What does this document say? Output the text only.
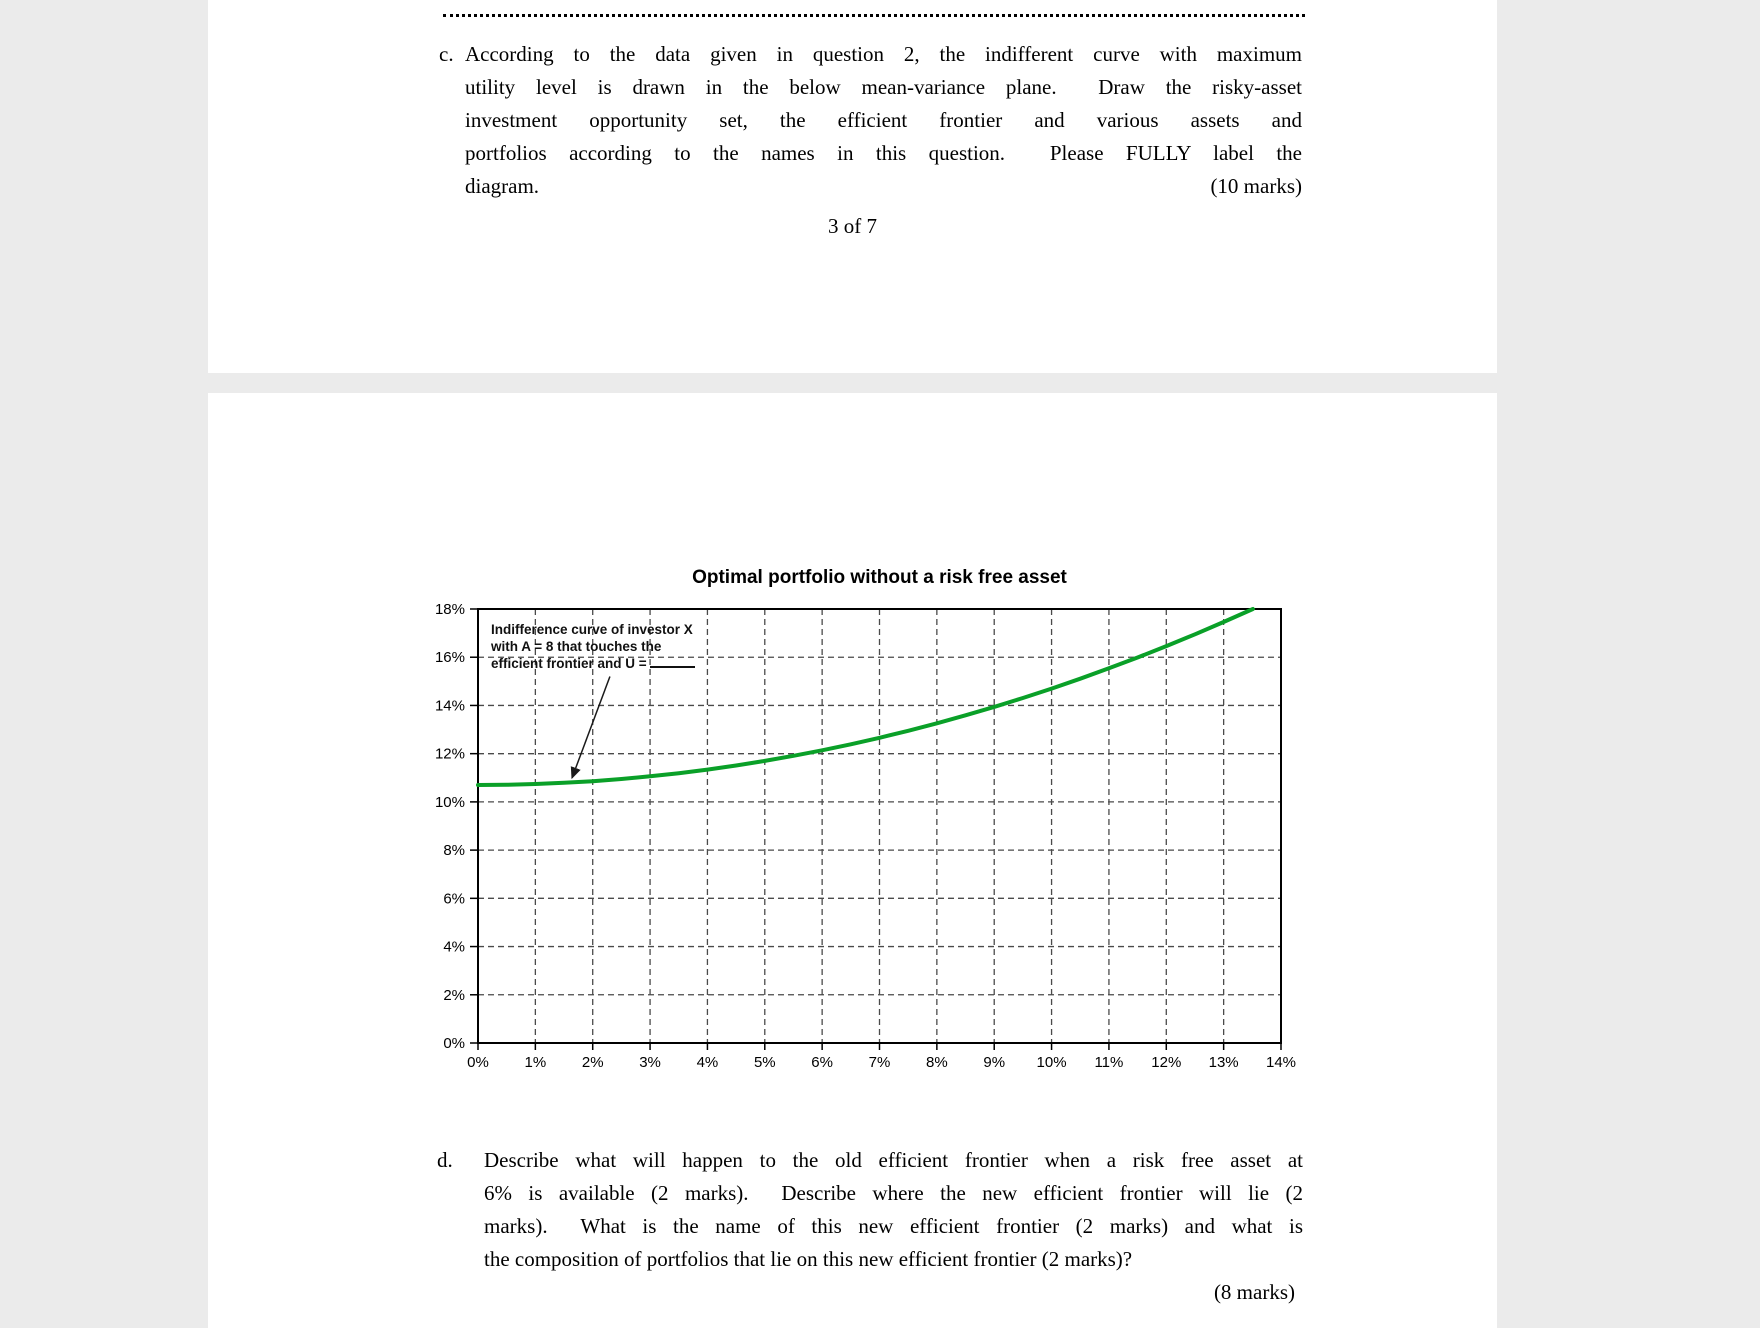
c. According to the data given in question 2, the indifferent curve with maximum
utility level is drawn in the below mean-variance plane.  Draw the risky-asset
investment opportunity set, the efficient frontier and various assets and
portfolios according to the names in this question.  Please FULLY label the
diagram.	(10 marks)
3 of 7
0%
2%
4%
6%
8%
10%
12%
14%
16%
18%
0% 1% 2% 3% 4% 5% 6% 7% 8% 9% 10% 11% 12% 13% 14%
Optimal portfolio without a risk free asset
Indifference curve of investor X
with A = 8 that touches the
efficient frontier and U =
d. Describe what will happen to the old efficient frontier when a risk free asset at
6% is available (2 marks).  Describe where the new efficient frontier will lie (2
marks).  What is the name of this new efficient frontier (2 marks) and what is
the composition of portfolios that lie on this new efficient frontier (2 marks)?
(8 marks)
